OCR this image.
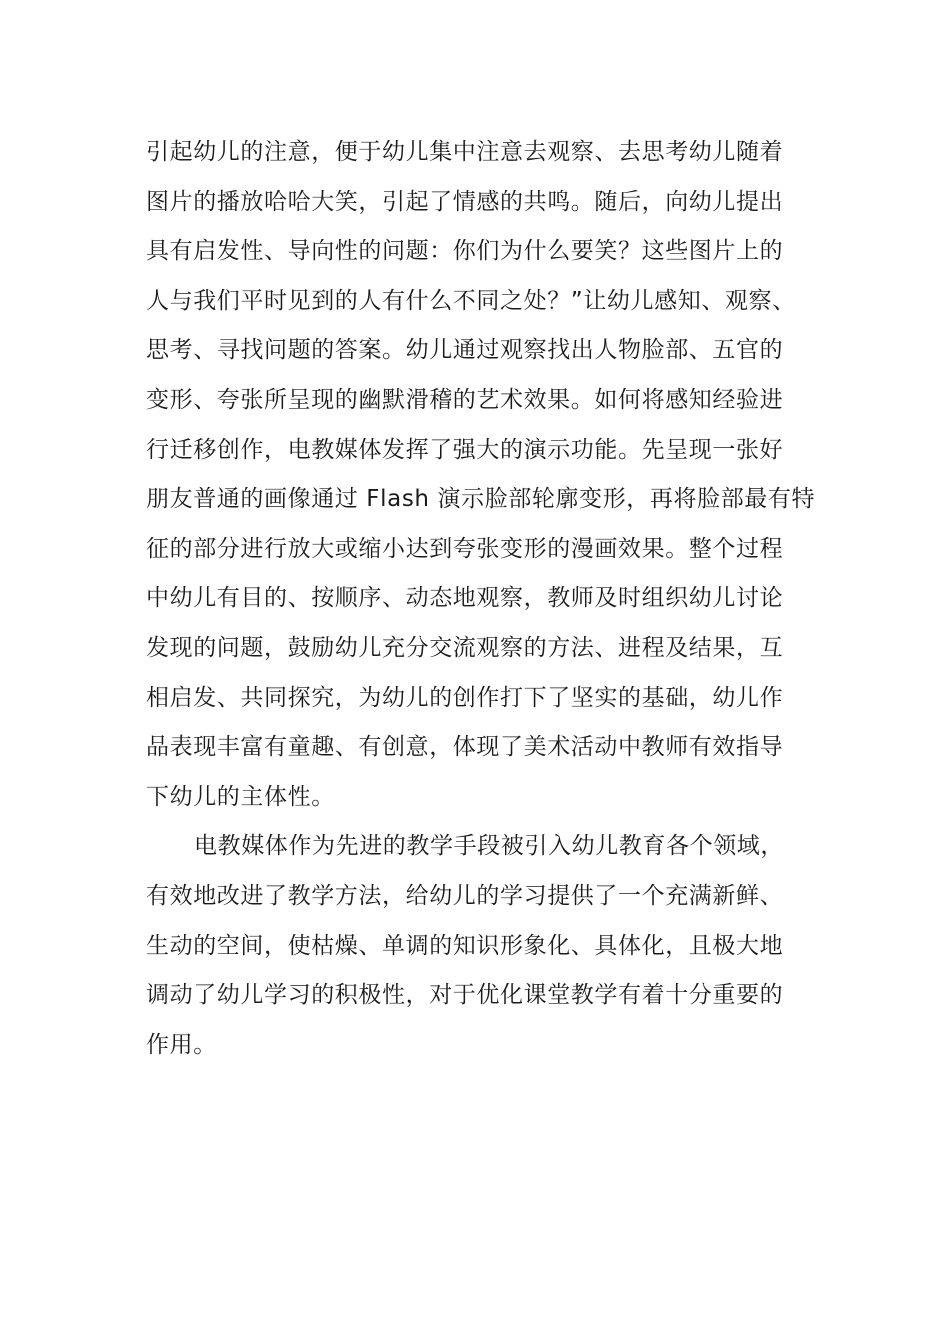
引起幼儿的注意，便于幼儿集中注意去观察、去思考幼儿随着
图片的播放哈哈大笑，引起了情感的共鸣。随后，向幼儿提出
具有启发性、导向性的问题：你们为什么要笑？这些图片上的
人与我们平时见到的人有什么不同之处？”让幼儿感知、观察、
思考、寻找问题的答案。幼儿通过观察找出人物脸部、五官的
变形、夸张所呈现的幽默滑稽的艺术效果。如何将感知经验进
行迁移创作，电教媒体发挥了强大的演示功能。先呈现一张好
朋友普通的画像通过 Flash 演示脸部轮廓变形，再将脸部最有特
征的部分进行放大或缩小达到夸张变形的漫画效果。整个过程
中幼儿有目的、按顺序、动态地观察，教师及时组织幼儿讨论
发现的问题，鼓励幼儿充分交流观察的方法、进程及结果，互
相启发、共同探究，为幼儿的创作打下了坚实的基础，幼儿作
品表现丰富有童趣、有创意，体现了美术活动中教师有效指导
下幼儿的主体性。
电教媒体作为先进的教学手段被引入幼儿教育各个领域，
有效地改进了教学方法，给幼儿的学习提供了一个充满新鲜、
生动的空间，使枯燥、单调的知识形象化、具体化，且极大地
调动了幼儿学习的积极性，对于优化课堂教学有着十分重要的
作用。
